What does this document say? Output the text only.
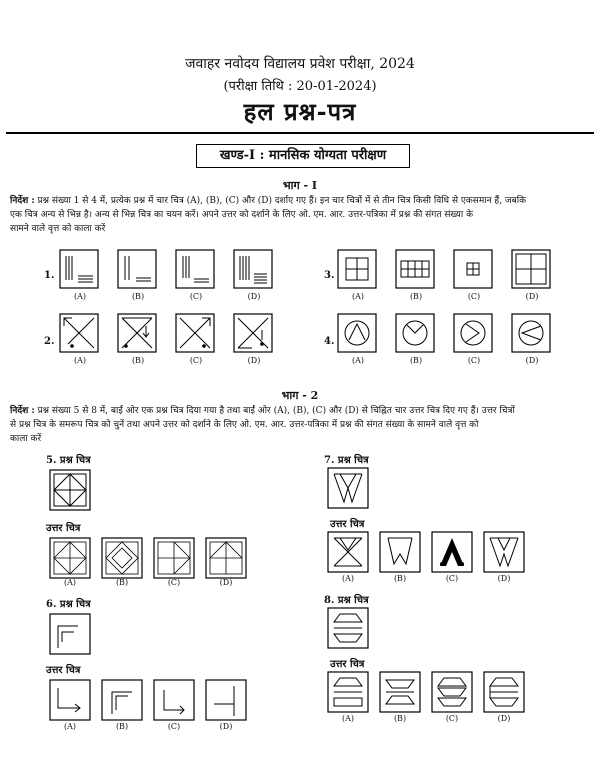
जवाहर नवोदय विद्यालय प्रवेश परीक्षा, 2024
(परीक्षा तिथि : 20-01-2024)
हल प्रश्न-पत्र
खण्ड-I : मानसिक योग्यता परीक्षण
भाग - I
निर्देश : प्रश्न संख्या 1 से 4 में, प्रत्येक प्रश्न में चार चित्र (A), (B), (C) और (D) दर्शाए गए हैं। इन चार चित्रों में से तीन चित्र किसी विधि से एकसमान हैं, जबकि
एक चित्र अन्य से भिन्न है। अन्य से भिन्न चित्र का चयन करें। अपने उत्तर को दर्शाने के लिए ओ. एम. आर. उत्तर-पत्रिका में प्रश्न की संगत संख्या के
सामने वाले वृत्त को काला करें
1.
(A)	(B)	(C)	(D)
2.
(A)	(B)	(C)	(D)
3.
(A)	(B)	(C)	(D)
4.
(A)	(B)	(C)	(D)
भाग - 2
निर्देश : प्रश्न संख्या 5 से 8 में, बाईं ओर एक प्रश्न चित्र दिया गया है तथा बाईं ओर (A), (B), (C) और (D) से चिह्नित चार उत्तर चित्र दिए गए हैं। उत्तर चित्रों
से प्रश्न चित्र के समरूप चित्र को चुनें तथा अपने उत्तर को दर्शाने के लिए ओ. एम. आर. उत्तर-पत्रिका में प्रश्न की संगत संख्या के सामने वाले वृत्त को
काला करें
5. प्रश्न चित्र
उत्तर चित्र
(A)	(B)	(C)	(D)
6. प्रश्न चित्र
उत्तर चित्र
(A)	(B)	(C)	(D)
7. प्रश्न चित्र
उत्तर चित्र
(A)	(B)	(C)	(D)
8. प्रश्न चित्र
उत्तर चित्र
(A)	(B)	(C)	(D)
